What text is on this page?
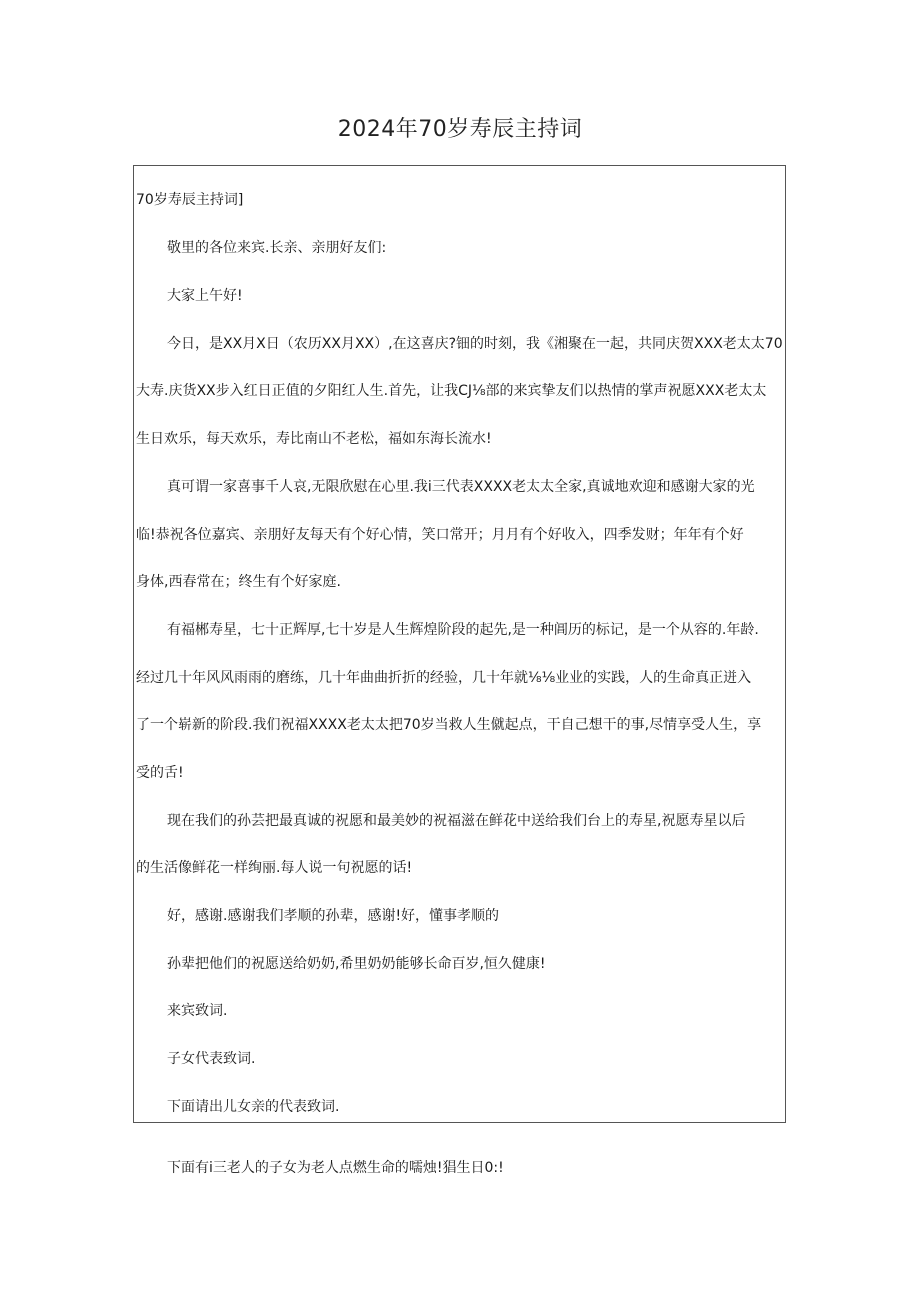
2024年70岁寿辰主持词

70岁寿辰主持词]

敬里的各位来宾.长亲、亲朋好友们:

大家上午好!

今日，是XX月X日（农历XX月XX）,在这喜庆?钿的时刻，我《湘聚在一起，共同庆贺XXX老太太70

大寿.庆货XX步入红日正值的夕阳红人生.首先，让我CJ⅛部的来宾挚友们以热情的掌声祝愿XXX老太太

生日欢乐，每天欢乐，寿比南山不老松，福如东海长流水!

真可谓一家喜事千人哀,无限欣慰在心里.我i三代表XXXX老太太全家,真诚地欢迎和感谢大家的光

临!恭祝各位嘉宾、亲朋好友每天有个好心情，笑口常开；月月有个好收入，四季发财；年年有个好

身体,西春常在；终生有个好家庭.

有福郴寿星，七十正辉厚,七十岁是人生辉煌阶段的起先,是一种阊历的标记，是一个从容的.年龄.

经过几十年风风雨雨的磨练，几十年曲曲折折的经验，几十年就⅛⅛业业的实践，人的生命真正迸入

了一个崭新的阶段.我们祝福XXXX老太太把70岁当救人生僦起点，干自己想干的事,尽情享受人生，享

受的舌!

现在我们的孙芸把最真诚的祝愿和最美妙的祝福滋在鲜花中送给我们台上的寿星,祝愿寿星以后

的生活像鲜花一样绚丽.每人说一句祝愿的话!

好，感谢.感谢我们孝顺的孙辈，感谢!好，懂事孝顺的

孙辈把他们的祝愿送给奶奶,希里奶奶能够长命百岁,恒久健康!

来宾致词.

子女代表致词.

下面请出儿女亲的代表致词.

下面有i三老人的子女为老人点燃生命的嚅烛!猖生日0:!
